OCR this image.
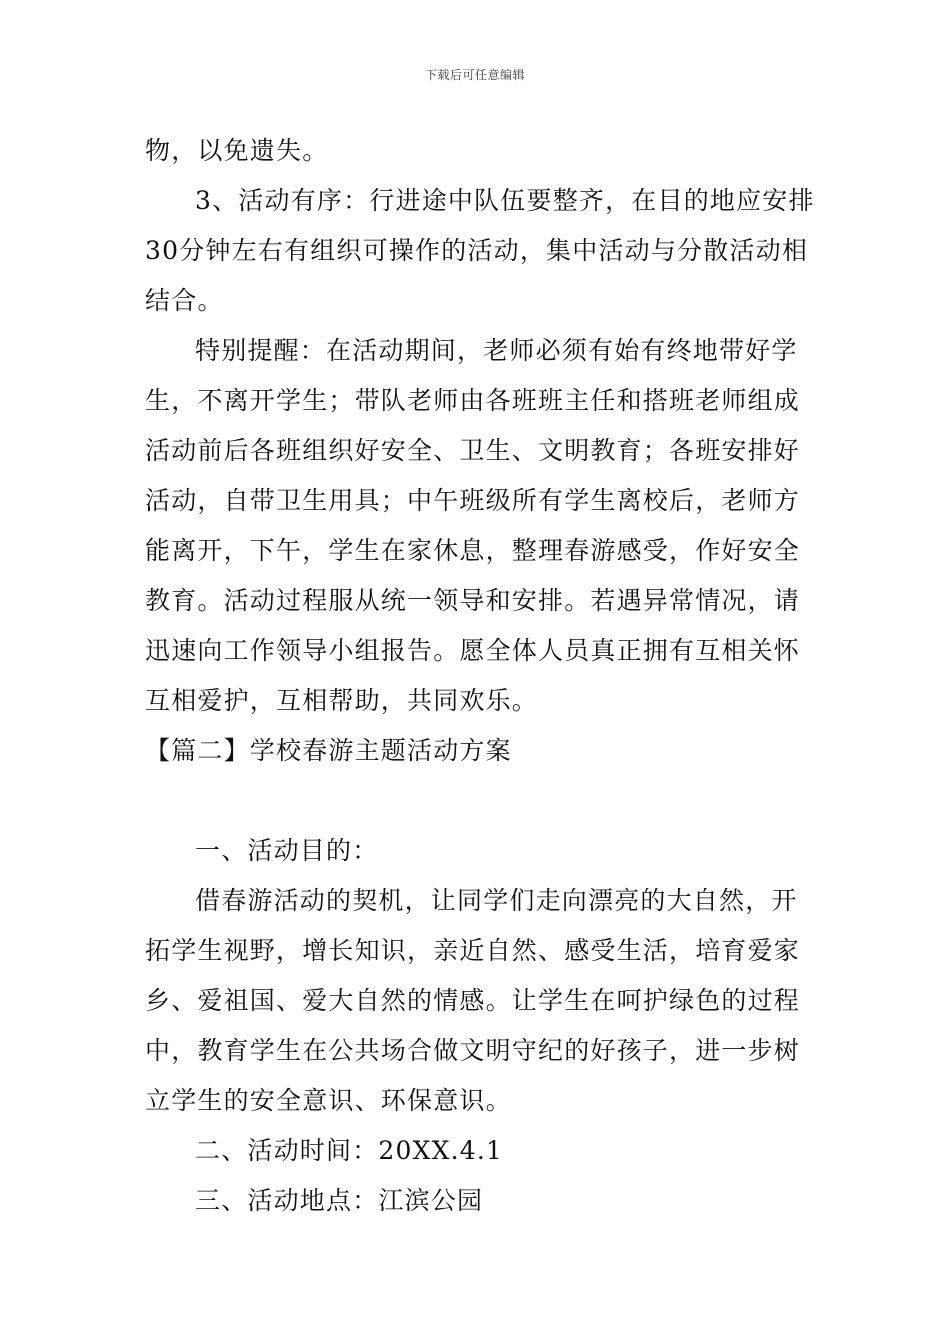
下载后可任意编辑
物，以免遗失。
3、活动有序：行进途中队伍要整齐，在目的地应安排
30分钟左右有组织可操作的活动，集中活动与分散活动相
结合。
特别提醒：在活动期间，老师必须有始有终地带好学
生，不离开学生；带队老师由各班班主任和搭班老师组成
活动前后各班组织好安全、卫生、文明教育；各班安排好
活动，自带卫生用具；中午班级所有学生离校后，老师方
能离开，下午，学生在家休息，整理春游感受，作好安全
教育。活动过程服从统一领导和安排。若遇异常情况，请
迅速向工作领导小组报告。愿全体人员真正拥有互相关怀
互相爱护，互相帮助，共同欢乐。
【篇二】学校春游主题活动方案
一、活动目的：
借春游活动的契机，让同学们走向漂亮的大自然，开
拓学生视野，增长知识，亲近自然、感受生活，培育爱家
乡、爱祖国、爱大自然的情感。让学生在呵护绿色的过程
中，教育学生在公共场合做文明守纪的好孩子，进一步树
立学生的安全意识、环保意识。
二、活动时间：20XX.4.1
三、活动地点：江滨公园
